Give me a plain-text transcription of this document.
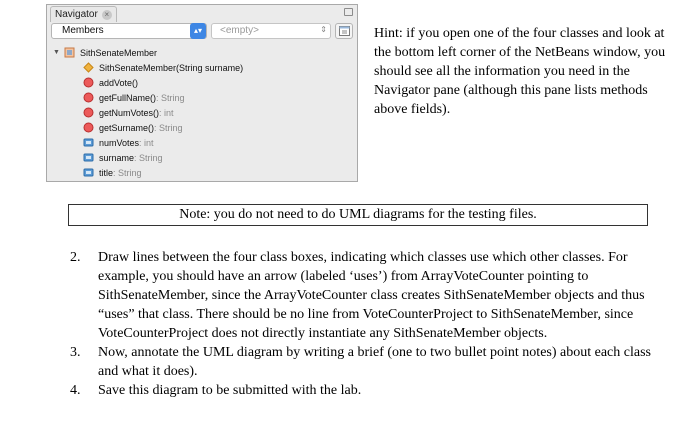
Navigator ×
Members	▴▾	<empty>	⇕
▼ SithSenateMember
SithSenateMember (String surname)
addVote()
getFullName() : String
getNumVotes() : int
getSurname() : String
numVotes : int
surname : String
title : String
Hint: if you open one of the four classes and look at the bottom left corner of the NetBeans window, you should see all the information you need in the Navigator pane (although this pane lists methods above fields).
Note: you do not need to do UML diagrams for the testing files.
2.	Draw lines between the four class boxes, indicating which classes use which other classes. For example, you should have an arrow (labeled ‘uses’) from ArrayVoteCounter pointing to SithSenateMember, since the ArrayVoteCounter class creates SithSenateMember objects and thus “uses” that class. There should be no line from VoteCounterProject to SithSenateMember, since VoteCounterProject does not directly instantiate any SithSenateMember objects.
3.	Now, annotate the UML diagram by writing a brief (one to two bullet point notes) about each class and what it does).
4.	Save this diagram to be submitted with the lab.
